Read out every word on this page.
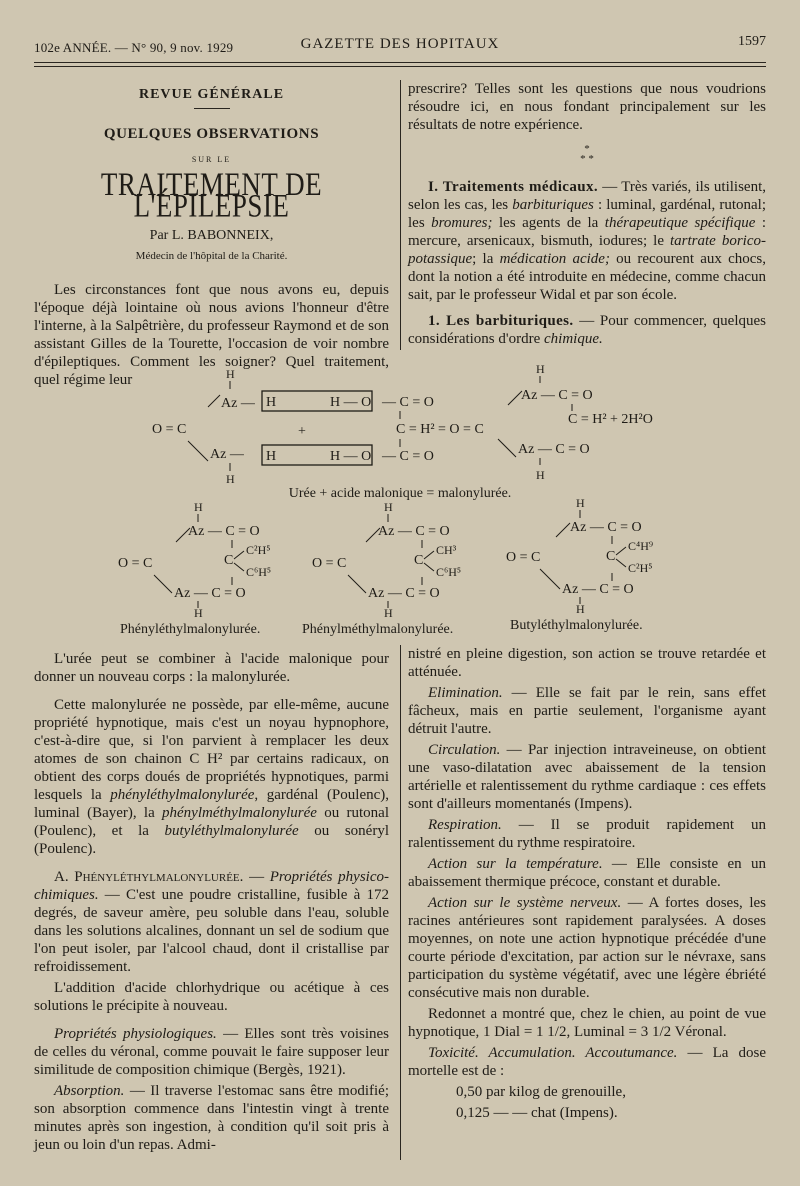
102e ANNÉE. — N° 90, 9 nov. 1929	GAZETTE DES HOPITAUX	1597
REVUE GÉNÉRALE
QUELQUES OBSERVATIONS
SUR LE
TRAITEMENT DE L'ÉPILEPSIE
Par L. BABONNEIX,
Médecin de l'hôpital de la Charité.

Les circonstances font que nous avons eu, depuis l'époque déjà lointaine où nous avions l'honneur d'être l'interne, à la Salpêtrière, du professeur Raymond et de son assistant Gilles de la Tourette, l'occasion de voir nombre d'épileptiques. Comment les soigner? Quel traitement, quel régime leur

prescrire? Telles sont les questions que nous voudrions résoudre ici, en nous fondant principalement sur les résultats de notre expérience.

*
* *

I. Traitements médicaux. — Très variés, ils utilisent, selon les cas, les barbituriques : luminal, gardénal, rutonal; les bromures; les agents de la thérapeutique spécifique : mercure, arsenicaux, bismuth, iodures; le tartrate borico-potassique; la médication acide; ou recourent aux chocs, dont la notion a été introduite en médecine, comme chacun sait, par le professeur Widal et par son école.

1. Les barbituriques. — Pour commencer, quelques considérations d'ordre chimique.

H
Az —
O = C
Az —
H
H	H — O
+
H	H — O
— C = O
C = H² = O = C
— C = O
H
Az — C = O
C = H² + 2H²O
Az — C = O
H
Urée + acide malonique = malonylurée.
H
Az — C = O
O = C	C
C²H⁵
C⁶H⁵
Az — C = O
H
Phényléthylmalonylurée.
H
Az — C = O
O = C	C
CH³
C⁶H⁵
Az — C = O
H
Phénylméthylmalonylurée.
H
Az — C = O
O = C	C
C⁴H⁹
C²H⁵
Az — C = O
H
Butyléthylmalonylurée.

L'urée peut se combiner à l'acide malonique pour donner un nouveau corps : la malonylurée.

Cette malonylurée ne possède, par elle-même, aucune propriété hypnotique, mais c'est un noyau hypnophore, c'est-à-dire que, si l'on parvient à remplacer les deux atomes de son chainon C H² par certains radicaux, on obtient des corps doués de propriétés hypnotiques, parmi lesquels la phényléthylmalonylurée, gardénal (Poulenc), luminal (Bayer), la phénylméthylmalonylurée ou rutonal (Poulenc), et la butyléthylmalonylurée ou sonéryl (Poulenc).

A. Phényléthylmalonylurée. — Propriétés physico-chimiques. — C'est une poudre cristalline, fusible à 172 degrés, de saveur amère, peu soluble dans l'eau, soluble dans les solutions alcalines, donnant un sel de sodium que l'on peut isoler, par l'alcool chaud, dont il cristallise par refroidissement.

L'addition d'acide chlorhydrique ou acétique à ces solutions le précipite à nouveau.

Propriétés physiologiques. — Elles sont très voisines de celles du véronal, comme pouvait le faire supposer leur similitude de composition chimique (Bergès, 1921).

Absorption. — Il traverse l'estomac sans être modifié; son absorption commence dans l'intestin vingt à trente minutes après son ingestion, à condition qu'il soit pris à jeun ou loin d'un repas. Admi-

nistré en pleine digestion, son action se trouve retardée et atténuée.

Elimination. — Elle se fait par le rein, sans effet fâcheux, mais en partie seulement, l'organisme ayant détruit l'autre.

Circulation. — Par injection intraveineuse, on obtient une vaso-dilatation avec abaissement de la tension artérielle et ralentissement du rythme cardiaque : ces effets sont d'ailleurs momentanés (Impens).

Respiration. — Il se produit rapidement un ralentissement du rythme respiratoire.

Action sur la température. — Elle consiste en un abaissement thermique précoce, constant et durable.

Action sur le système nerveux. — A fortes doses, les racines antérieures sont rapidement paralysées. A doses moyennes, on note une action hypnotique précédée d'une courte période d'excitation, par action sur le névraxe, sans participation du système végétatif, avec une légère ébriété consécutive mais non durable.

Redonnet a montré que, chez le chien, au point de vue hypnotique, 1 Dial = 1 1/2, Luminal = 3 1/2 Véronal.

Toxicité. Accumulation. Accoutumance. — La dose mortelle est de :

0,50 par kilog de grenouille,

0,125 — — chat (Impens).
